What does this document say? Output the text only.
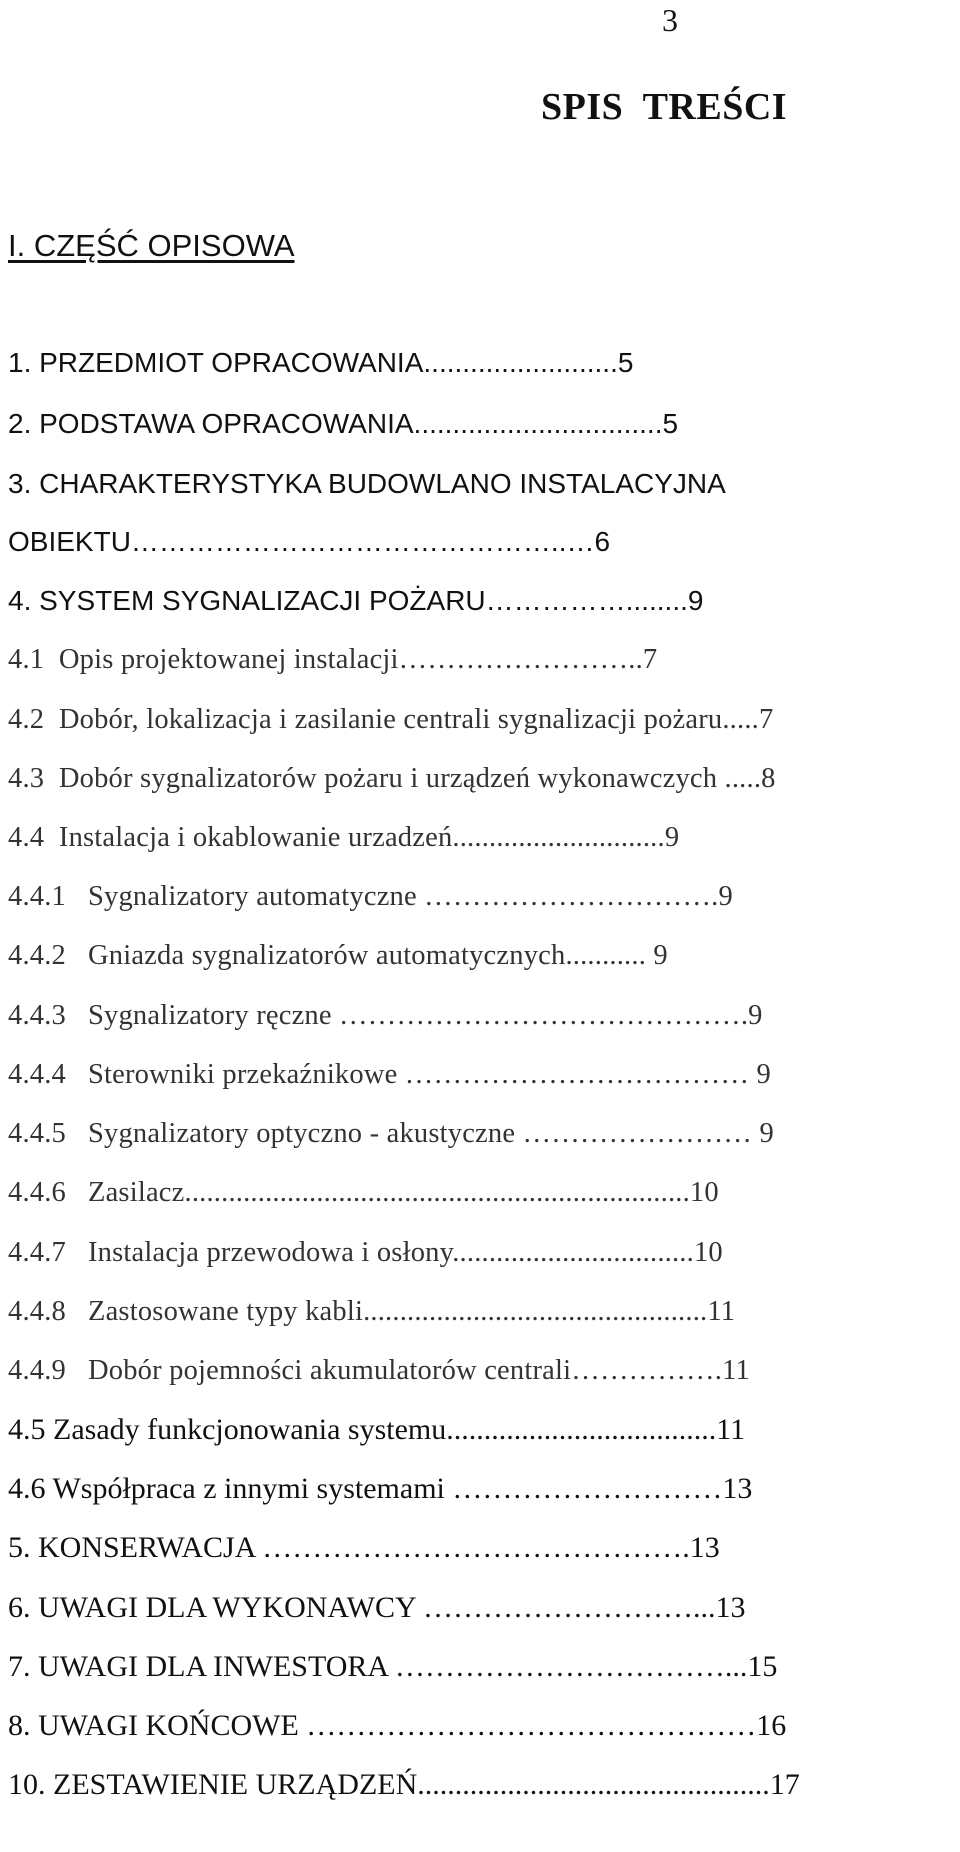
3
SPIS  TREŚCI
I. CZĘŚĆ OPISOWA
1. PRZEDMIOT OPRACOWANIA.........................5
2. PODSTAWA OPRACOWANIA................................5
3. CHARAKTERYSTYKA BUDOWLANO INSTALACYJNA
OBIEKTU………………………………………..…6
4. SYSTEM SYGNALIZACJI POŻARU……………........9
4.1  Opis projektowanej instalacji……………………..7
4.2  Dobór, lokalizacja i zasilanie centrali sygnalizacji pożaru.....7
4.3  Dobór sygnalizatorów pożaru i urządzeń wykonawczych .....8
4.4  Instalacja i okablowanie urzadzeń.............................9
4.4.1   Sygnalizatory automatyczne ………………………….9
4.4.2   Gniazda sygnalizatorów automatycznych........... 9
4.4.3   Sygnalizatory ręczne …………………………………….9
4.4.4   Sterowniki przekaźnikowe ……………………………… 9
4.4.5   Sygnalizatory optyczno - akustyczne …………………… 9
4.4.6   Zasilacz.....................................................................10
4.4.7   Instalacja przewodowa i osłony.................................10
4.4.8   Zastosowane typy kabli...............................................11
4.4.9   Dobór pojemności akumulatorów centrali…………….11
4.5 Zasady funkcjonowania systemu....................................11
4.6 Współpraca z innymi systemami ………………………13
5. KONSERWACJA …………………………………….13
6. UWAGI DLA WYKONAWCY ………………………...13
7. UWAGI DLA INWESTORA ……………………………...15
8. UWAGI KOŃCOWE ………………………………………16
10. ZESTAWIENIE URZĄDZEŃ...............................................17
